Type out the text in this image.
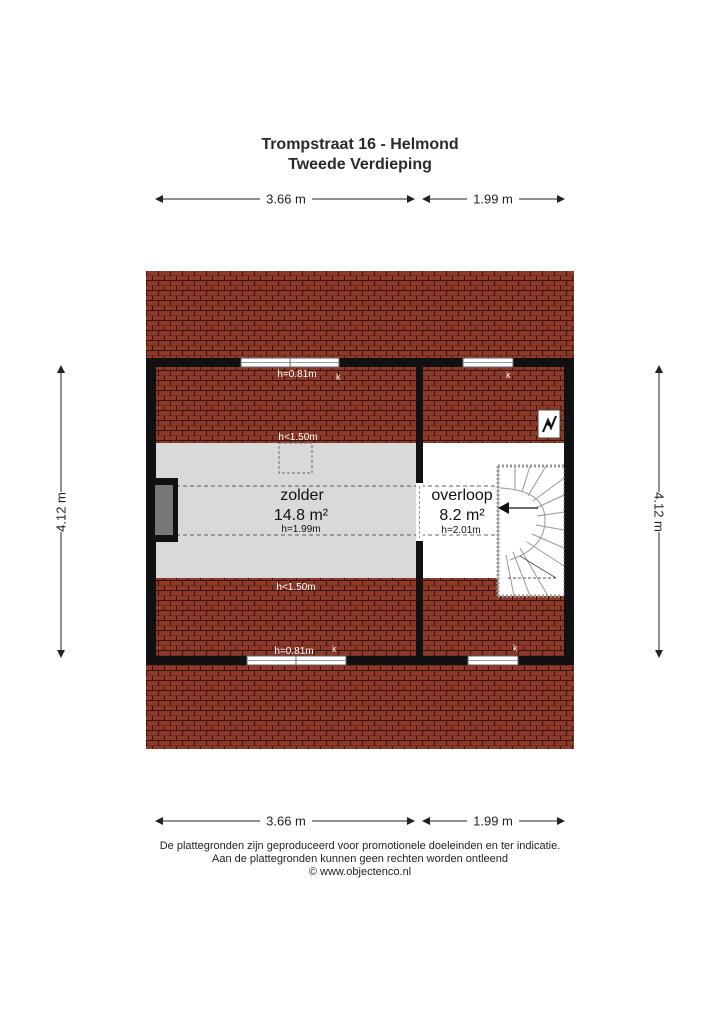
Trompstraat 16 - Helmond
Tweede Verdieping
h=0.81m k	k
h<1.50m
h<1.50m
h=0.81m k	k
zolder
14.8 m²
h=1.99m
overloop
8.2 m²
h=2.01m
3.66 m	1.99 m
3.66 m	1.99 m
4.12 m	4.12 m
De plattegronden zijn geproduceerd voor promotionele doeleinden en ter indicatie.
Aan de plattegronden kunnen geen rechten worden ontleend
© www.objectenco.nl
